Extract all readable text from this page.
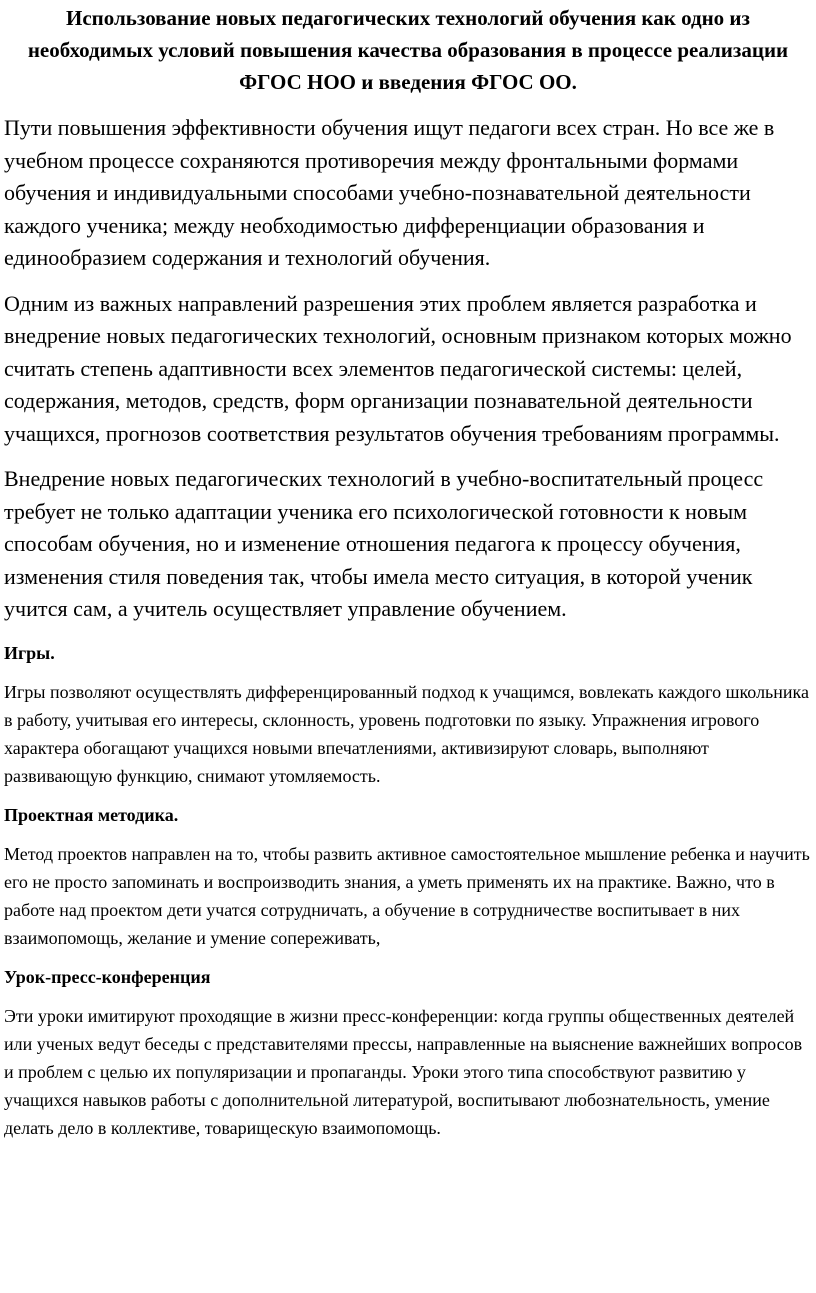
Использование новых педагогических технологий обучения как одно из необходимых условий повышения качества образования в процессе реализации ФГОС НОО и введения ФГОС ОО.

Пути повышения эффективности обучения ищут педагоги всех стран. Но все же в учебном процессе сохраняются противоречия между фронтальными формами обучения и индивидуальными способами учебно-познавательной деятельности каждого ученика; между необходимостью дифференциации образования и единообразием содержания и технологий обучения.

Одним из важных направлений разрешения этих проблем является разработка и внедрение новых педагогических технологий, основным признаком которых можно считать степень адаптивности всех элементов педагогической системы: целей, содержания, методов, средств, форм организации познавательной деятельности учащихся, прогнозов соответствия результатов обучения требованиям программы.

Внедрение новых педагогических технологий в учебно-воспитательный процесс требует не только адаптации ученика его психологической готовности к новым способам обучения, но и изменение отношения педагога к процессу обучения, изменения стиля поведения так, чтобы имела место ситуация, в которой ученик учится сам, а учитель осуществляет управление обучением.

Игры.

Игры позволяют осуществлять дифференцированный подход к учащимся, вовлекать каждого школьника в работу, учитывая его интересы, склонность, уровень подготовки по языку. Упражнения игрового характера обогащают учащихся новыми впечатлениями, активизируют словарь, выполняют развивающую функцию, снимают утомляемость.

Проектная методика.

Метод проектов направлен на то, чтобы развить активное самостоятельное мышление ребенка и научить его не просто запоминать и воспроизводить знания, а уметь применять их на практике. Важно, что в работе над проектом дети учатся сотрудничать, а обучение в сотрудничестве воспитывает в них взаимопомощь, желание и умение сопереживать,

Урок-пресс-конференция

Эти уроки имитируют проходящие в жизни пресс-конференции: когда группы общественных деятелей или ученых ведут беседы с представителями прессы, направленные на выяснение важнейших вопросов и проблем с целью их популяризации и пропаганды. Уроки этого типа способствуют развитию у учащихся навыков работы с дополнительной литературой, воспитывают любознательность, умение делать дело в коллективе, товарищескую взаимопомощь.
